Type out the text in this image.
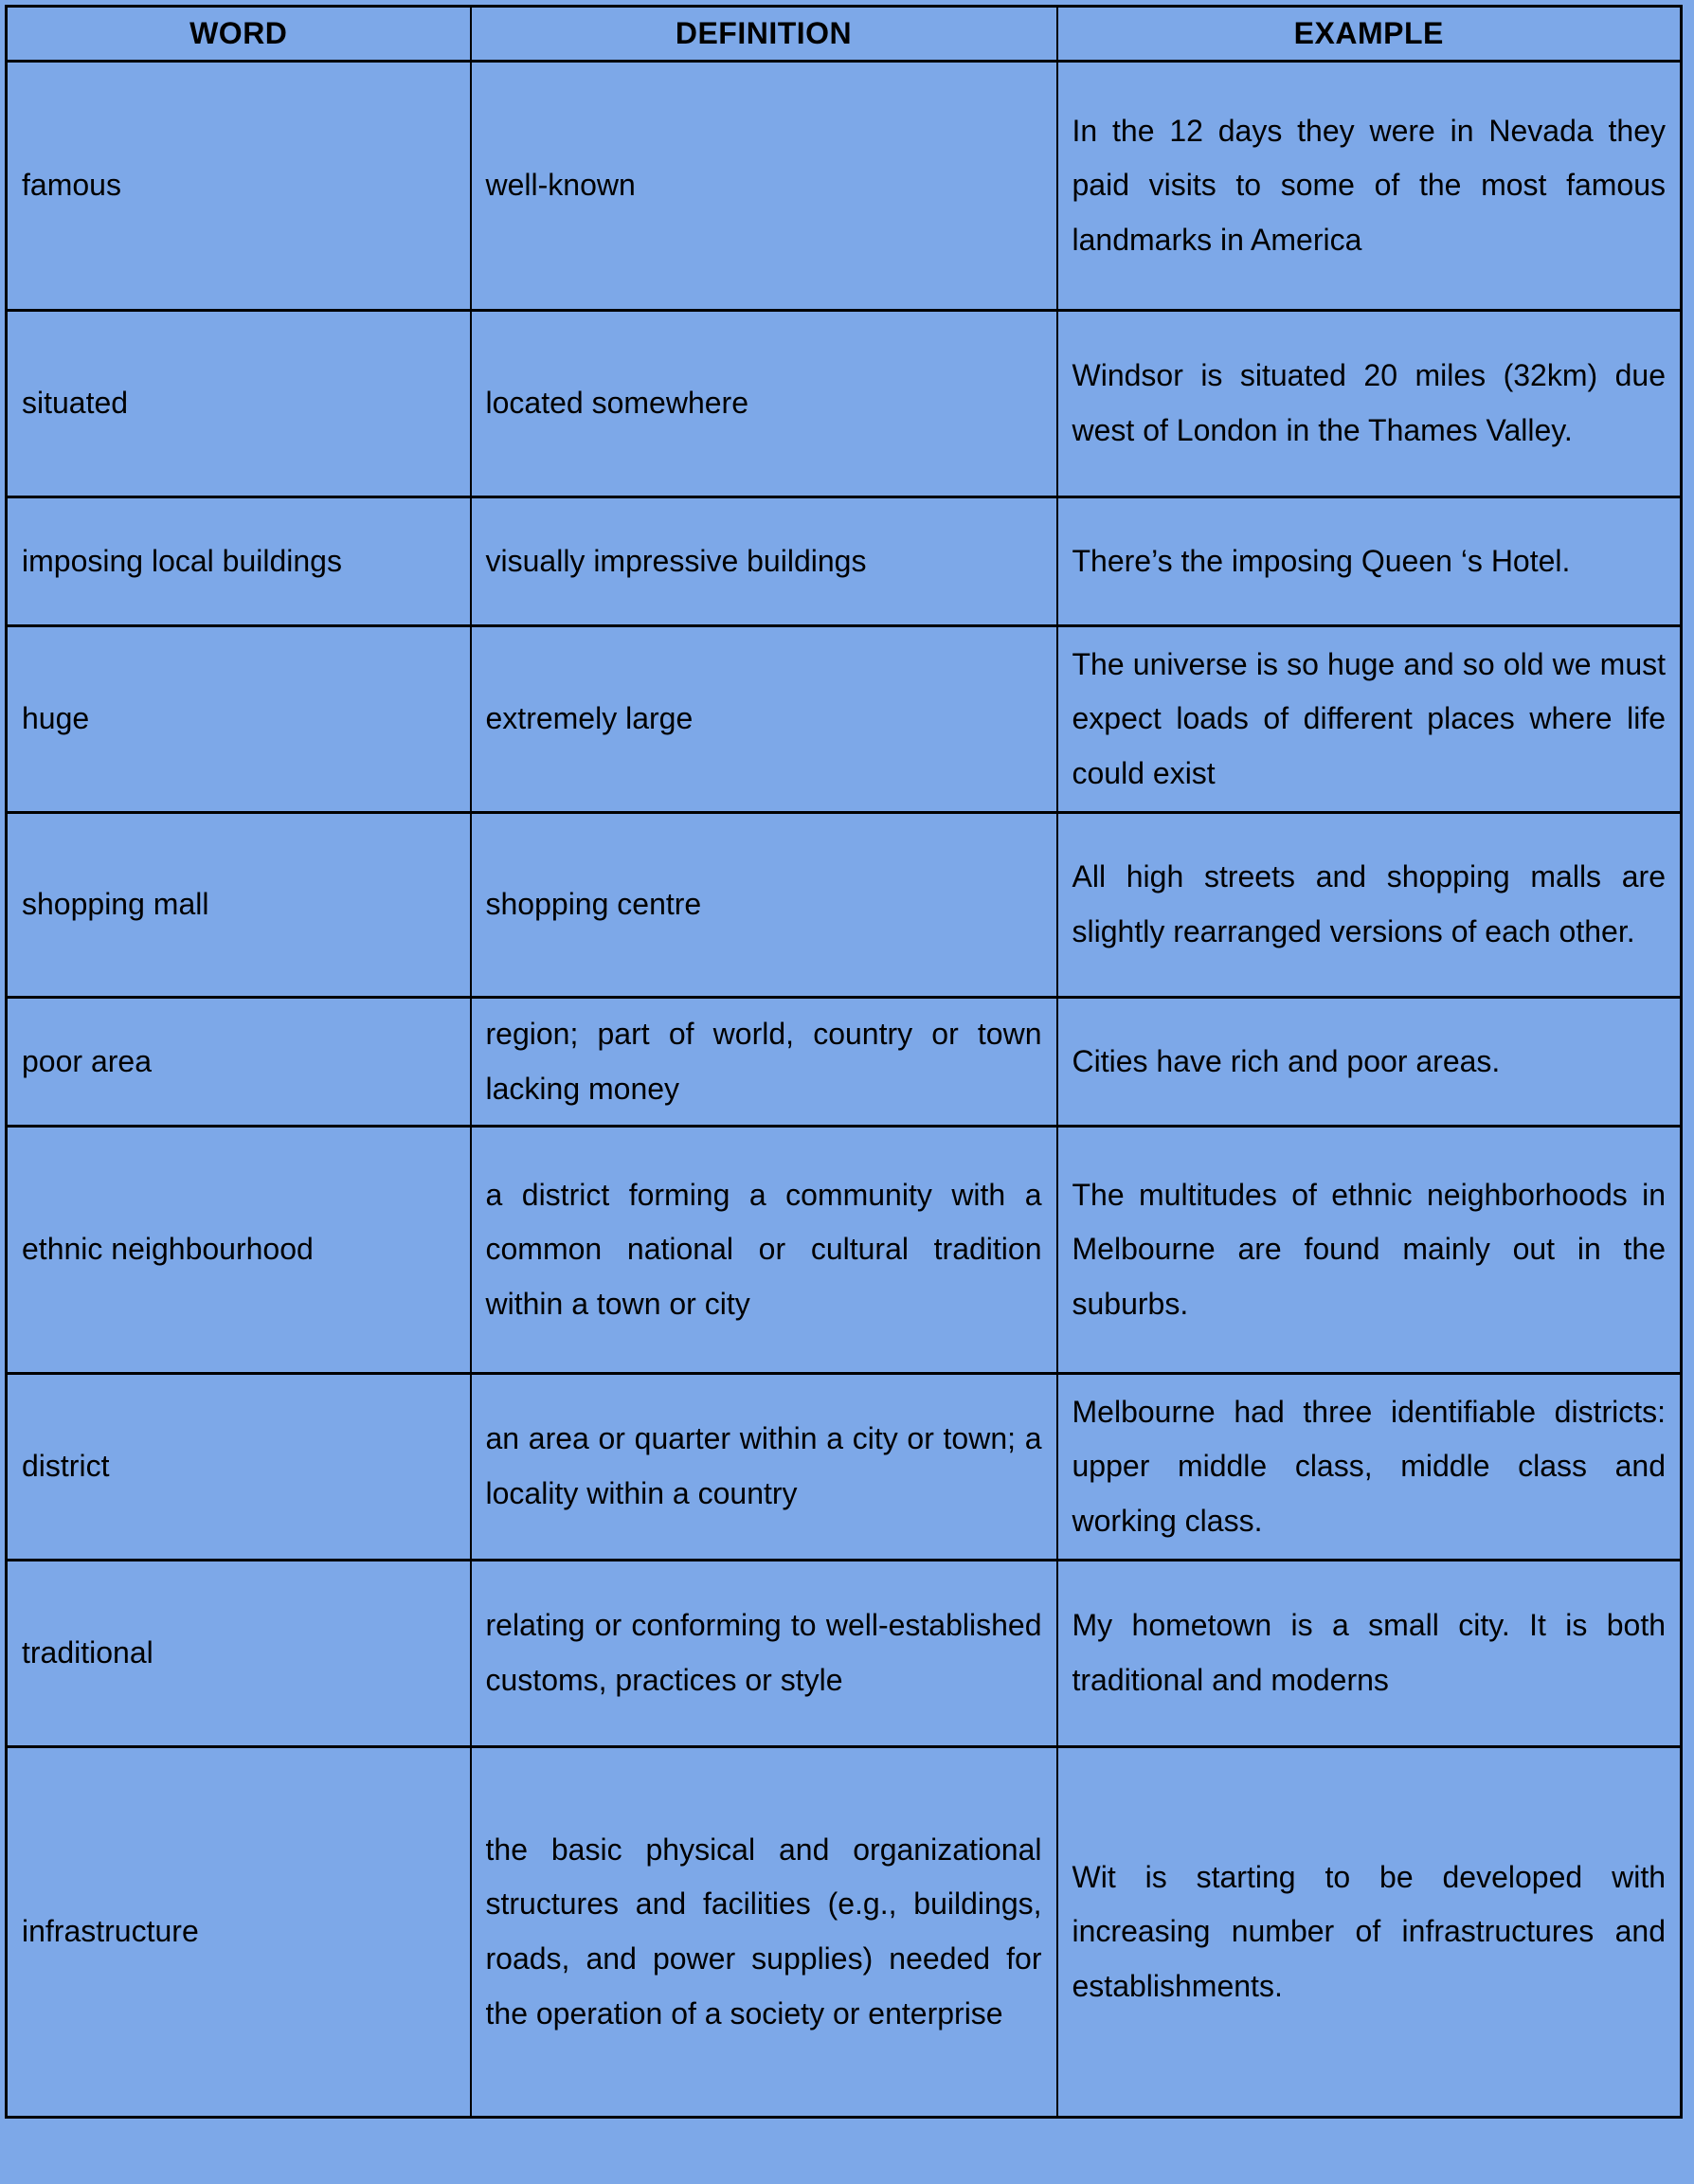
WORD	DEFINITION	EXAMPLE
famous	well-known	In the 12 days they were in Nevada they paid visits to some of the most famous landmarks in America
situated	located somewhere	Windsor is situated 20 miles (32km) due west of London in the Thames Valley.
imposing local buildings	visually impressive buildings	There’s the imposing Queen ‘s Hotel.
huge	extremely large	The universe is so huge and so old we must expect loads of different places where life could exist
shopping mall	shopping centre	All high streets and shopping malls are slightly rearranged versions of each other.
poor area	region; part of world, country or town lacking money	Cities have rich and poor areas.
ethnic neighbourhood	a district forming a community with a common national or cultural tradition within a town or city	The multitudes of ethnic neighborhoods in Melbourne are found mainly out in the suburbs.
district	an area or quarter within a city or town; a locality within a country	Melbourne had three identifiable districts: upper middle class, middle class and working class.
traditional	relating or conforming to well-established customs, practices or style	My hometown is a small city. It is both traditional and moderns
infrastructure	the basic physical and organizational structures and facilities (e.g., buildings, roads, and power supplies) needed for the operation of a society or enterprise	Wit is starting to be developed with increasing number of infrastructures and establishments.
